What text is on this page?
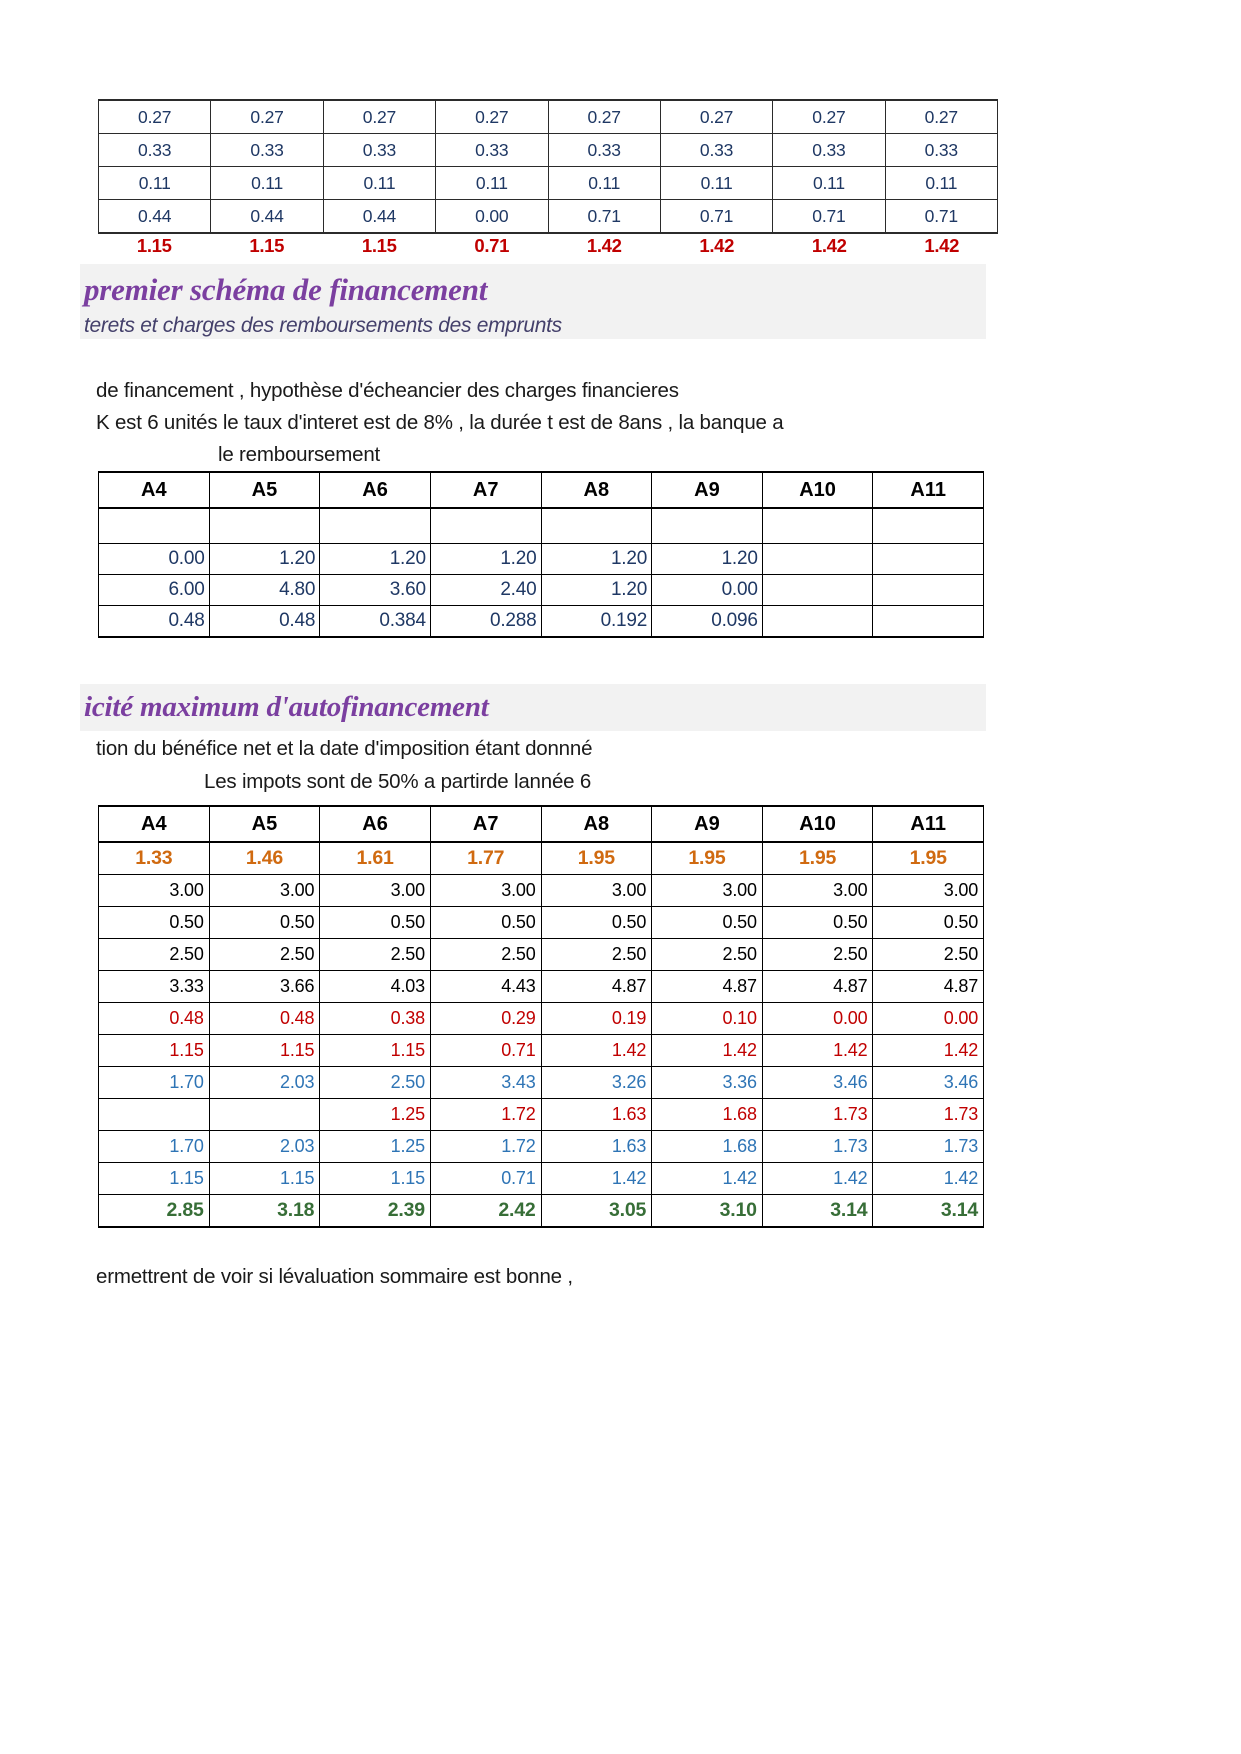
0.27	0.27	0.27	0.27	0.27	0.27	0.27	0.27
0.33	0.33	0.33	0.33	0.33	0.33	0.33	0.33
0.11	0.11	0.11	0.11	0.11	0.11	0.11	0.11
0.44	0.44	0.44	0.00	0.71	0.71	0.71	0.71
1.15	1.15	1.15	0.71	1.42	1.42	1.42	1.42
premier schéma de financement
terets et charges des remboursements des emprunts
de financement , hypothèse d'écheancier des charges financieres
K est 6 unités le taux d'interet est de 8% , la durée t est de 8ans , la banque a
le remboursement
A4	A5	A6	A7	A8	A9	A10	A11

0.00	1.20	1.20	1.20	1.20	1.20		
6.00	4.80	3.60	2.40	1.20	0.00		
0.48	0.48	0.384	0.288	0.192	0.096		
icité maximum d'autofinancement
tion du bénéfice net et la date d'imposition étant donnné
Les impots sont de 50% a partirde lannée 6
A4	A5	A6	A7	A8	A9	A10	A11
1.33	1.46	1.61	1.77	1.95	1.95	1.95	1.95
3.00	3.00	3.00	3.00	3.00	3.00	3.00	3.00
0.50	0.50	0.50	0.50	0.50	0.50	0.50	0.50
2.50	2.50	2.50	2.50	2.50	2.50	2.50	2.50
3.33	3.66	4.03	4.43	4.87	4.87	4.87	4.87
0.48	0.48	0.38	0.29	0.19	0.10	0.00	0.00
1.15	1.15	1.15	0.71	1.42	1.42	1.42	1.42
1.70	2.03	2.50	3.43	3.26	3.36	3.46	3.46
		1.25	1.72	1.63	1.68	1.73	1.73
1.70	2.03	1.25	1.72	1.63	1.68	1.73	1.73
1.15	1.15	1.15	0.71	1.42	1.42	1.42	1.42
2.85	3.18	2.39	2.42	3.05	3.10	3.14	3.14
ermettrent de voir si lévaluation sommaire est bonne ,
